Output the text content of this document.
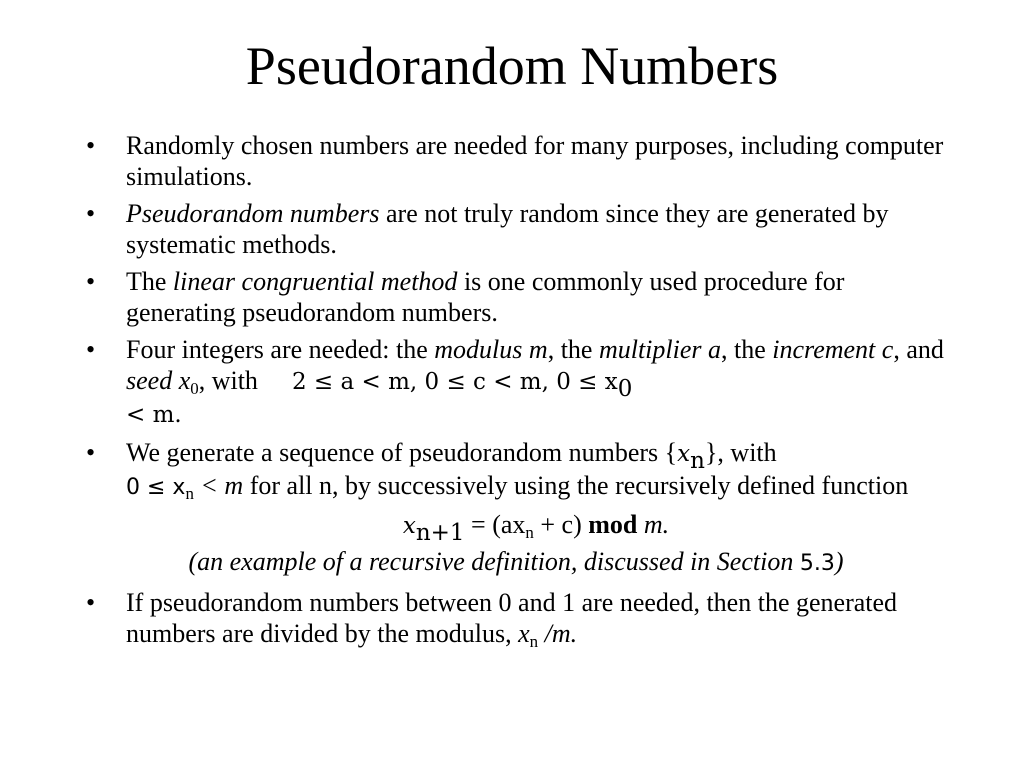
Pseudorandom Numbers
• Randomly chosen numbers are needed for many purposes, including computer simulations.
• Pseudorandom numbers are not truly random since they are generated by systematic methods.
• The linear congruential method is one commonly used procedure for generating pseudorandom numbers.
• Four integers are needed: the modulus m, the multiplier a, the increment c, and seed $x_0$, with 2 ≤ a < m, 0 ≤ c < m, $0 \le x_0$
< m.
• We generate a sequence of pseudorandom numbers $\{x_n\}$, with
$0 \le x_n < m$ for all n, by successively using the recursively defined function
$x_{n+1} = (ax_n + c)$ mod m.
(an example of a recursive definition, discussed in Section 5.3)
• If pseudorandom numbers between 0 and 1 are needed, then the generated numbers are divided by the modulus, $x_n$ /m.
